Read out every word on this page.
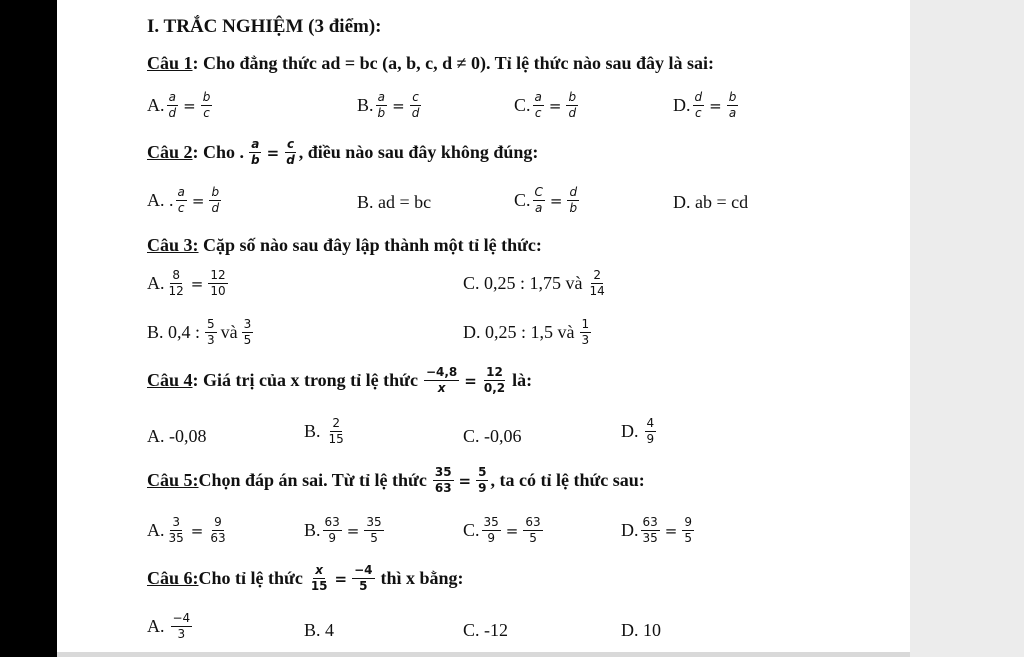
I. TRẮC NGHIỆM (3 điểm):
Câu 1: Cho đẳng thức ad = bc (a, b, c, d ≠ 0). Tỉ lệ thức nào sau đây là sai:
A. $\frac{a}{d} = \frac{b}{c}$	B. $\frac{a}{b} = \frac{c}{d}$	C. $\frac{a}{c} = \frac{b}{d}$	D. $\frac{d}{c} = \frac{b}{a}$
Câu 2 : Cho . $\frac{a}{b} = \frac{c}{d}$ , điều nào sau đây không đúng:
A. . $\frac{a}{c} = \frac{b}{d}$	B. ad = bc	C. $\frac{C}{a} = \frac{d}{b}$	D. ab = cd
Câu 3: Cặp số nào sau đây lập thành một tỉ lệ thức:
A. $\frac{8}{12} = \frac{12}{10}$	C. 0,25 : 1,75 và $\frac{2}{14}$
B. 0,4 : $\frac{5}{3}$ và $\frac{3}{5}$	D. 0,25 : 1,5 và $\frac{1}{3}$
Câu 4 : Giá trị của x trong tỉ lệ thức $\frac{-4,8}{x} = \frac{12}{0,2}$ là:
A. -0,08	B. $\frac{2}{15}$	C. -0,06	D. $\frac{4}{9}$
Câu 5: Chọn đáp án sai. Từ tỉ lệ thức $\frac{35}{63} = \frac{5}{9}$ , ta có tỉ lệ thức sau:
A. $\frac{3}{35} = \frac{9}{63}$	B. $\frac{63}{9} = \frac{35}{5}$	C. $\frac{35}{9} = \frac{63}{5}$	D. $\frac{63}{35} = \frac{9}{5}$
Câu 6: Cho tỉ lệ thức $\frac{x}{15} = \frac{-4}{5}$ thì x bằng:
A. $\frac{-4}{3}$	B. 4	C. -12	D. 10
